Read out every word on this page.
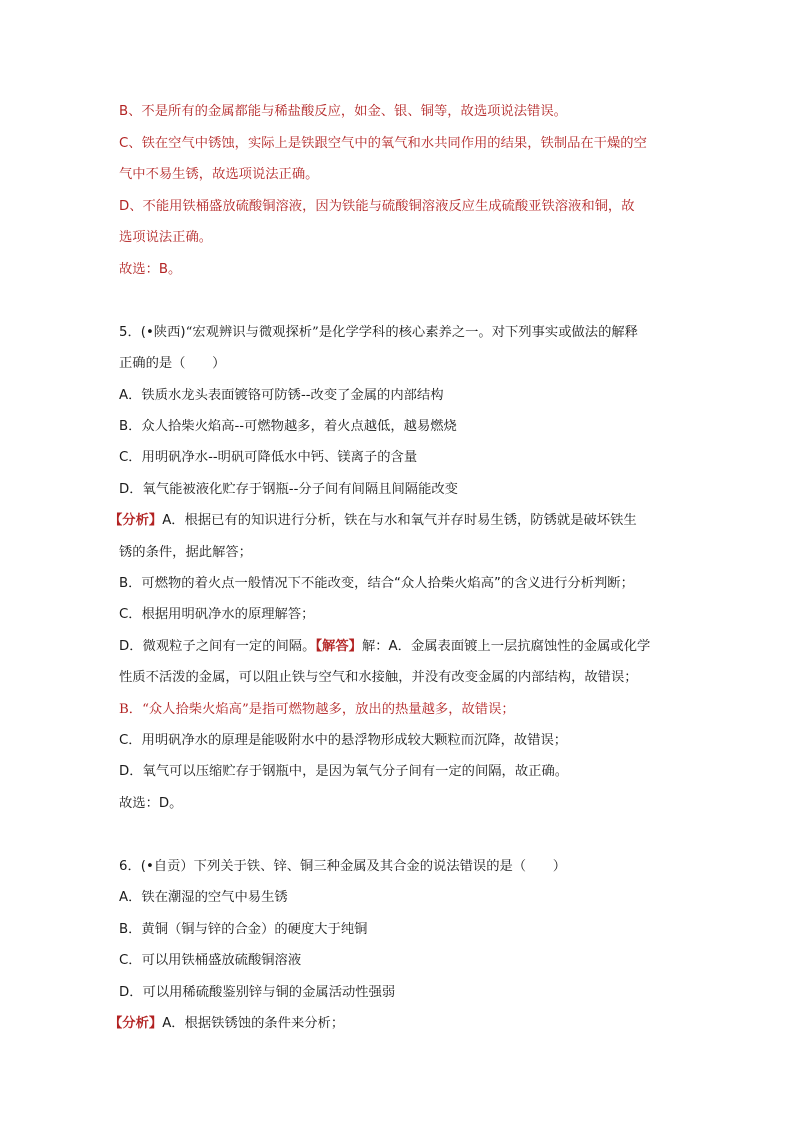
B、不是所有的金属都能与稀盐酸反应，如金、银、铜等，故选项说法错误。
C、铁在空气中锈蚀，实际上是铁跟空气中的氧气和水共同作用的结果，铁制品在干燥的空
气中不易生锈，故选项说法正确。
D、不能用铁桶盛放硫酸铜溶液，因为铁能与硫酸铜溶液反应生成硫酸亚铁溶液和铜，故
选项说法正确。
故选：B。
5．(•陕西)“宏观辨识与微观探析”是化学学科的核心素养之一。对下列事实或做法的解释
正确的是（　　）
A．铁质水龙头表面镀铬可防锈--改变了金属的内部结构
B．众人拾柴火焰高--可燃物越多，着火点越低，越易燃烧
C．用明矾净水--明矾可降低水中钙、镁离子的含量
D．氧气能被液化贮存于钢瓶--分子间有间隔且间隔能改变
【分析】A．根据已有的知识进行分析，铁在与水和氧气并存时易生锈，防锈就是破坏铁生
锈的条件，据此解答；
B．可燃物的着火点一般情况下不能改变，结合“众人拾柴火焰高”的含义进行分析判断；
C．根据用明矾净水的原理解答；
D．微观粒子之间有一定的间隔。【解答】解：A．金属表面镀上一层抗腐蚀性的金属或化学
性质不活泼的金属，可以阻止铁与空气和水接触，并没有改变金属的内部结构，故错误；
B．“众人拾柴火焰高”是指可燃物越多，放出的热量越多，故错误；
C．用明矾净水的原理是能吸附水中的悬浮物形成较大颗粒而沉降，故错误；
D．氧气可以压缩贮存于钢瓶中，是因为氧气分子间有一定的间隔，故正确。
故选：D。
6．(•自贡）下列关于铁、锌、铜三种金属及其合金的说法错误的是（　　）
A．铁在潮湿的空气中易生锈
B．黄铜（铜与锌的合金）的硬度大于纯铜
C．可以用铁桶盛放硫酸铜溶液
D．可以用稀硫酸鉴别锌与铜的金属活动性强弱
【分析】A．根据铁锈蚀的条件来分析；
